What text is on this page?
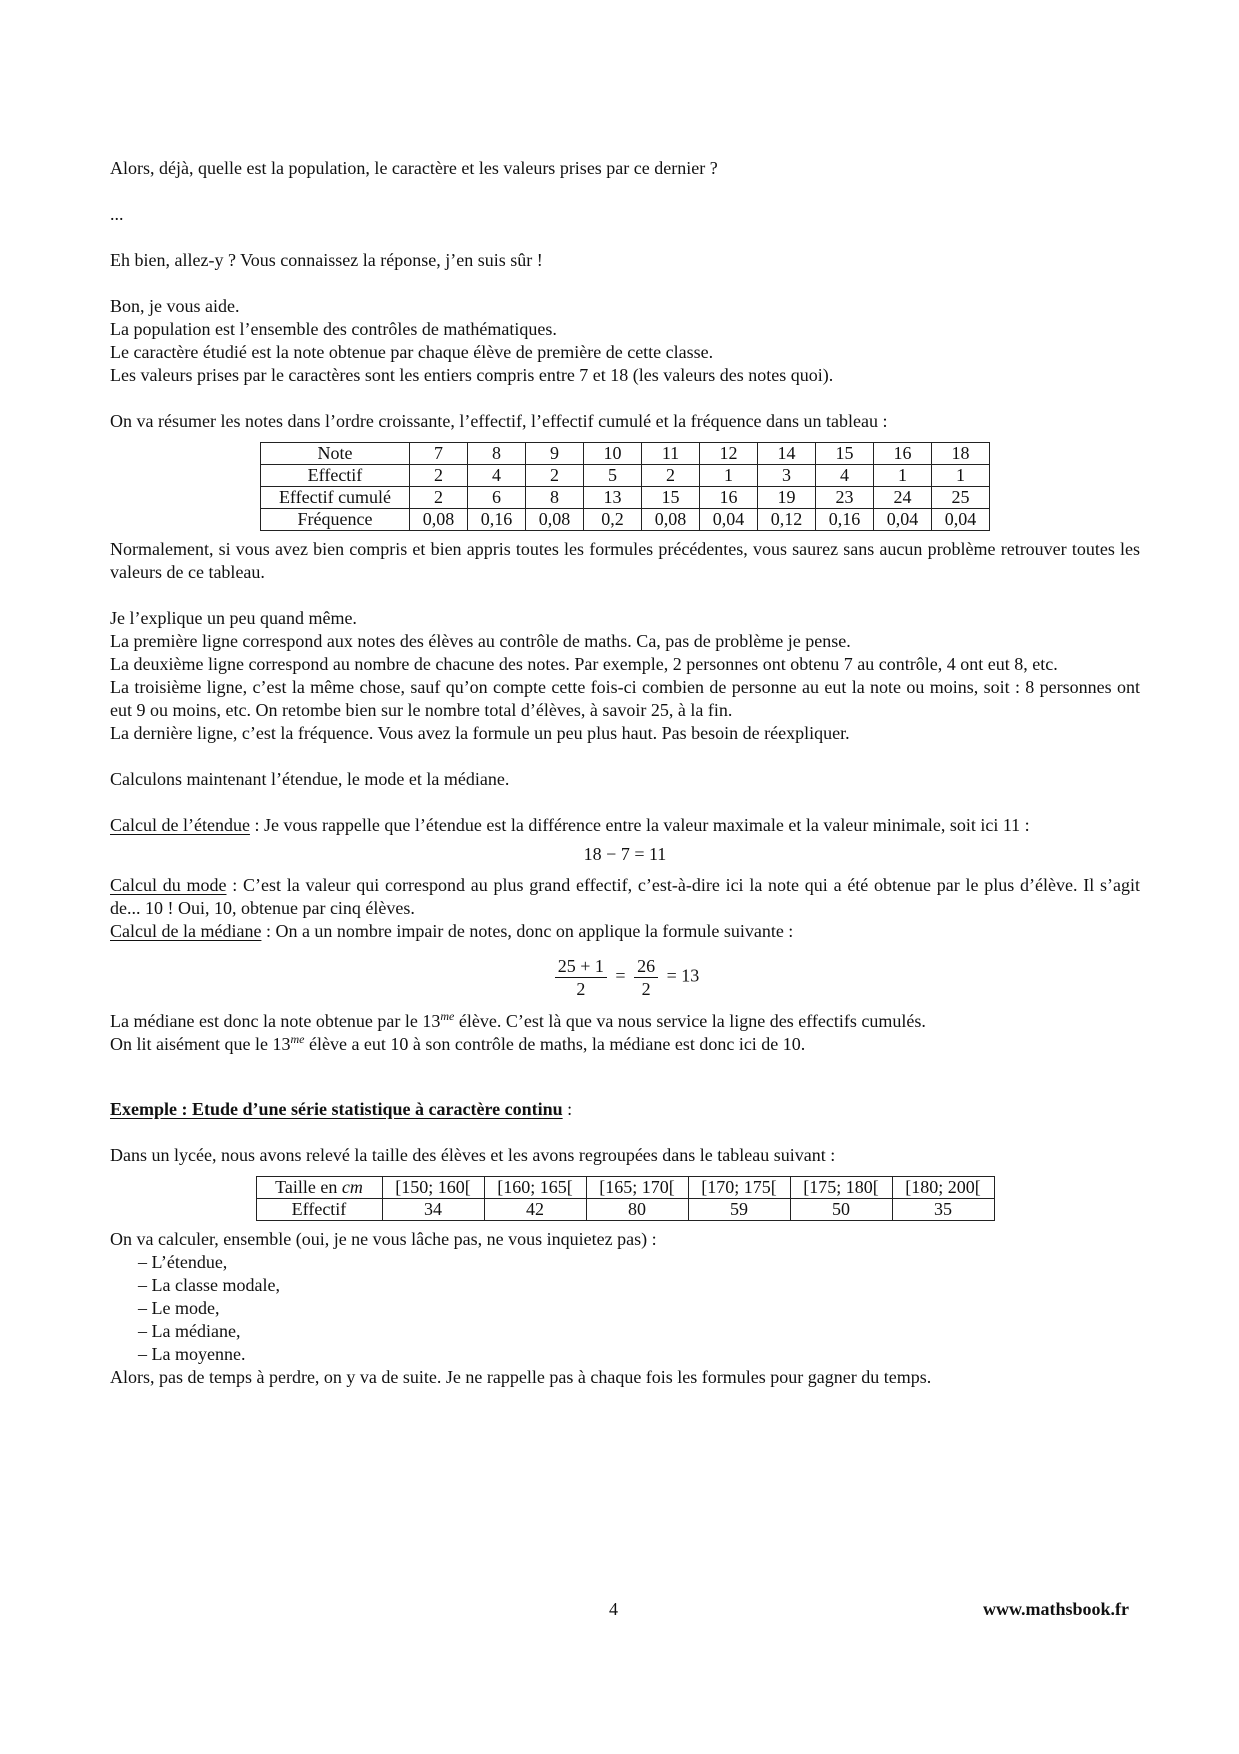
Alors, déjà, quelle est la population, le caractère et les valeurs prises par ce dernier ?

...

Eh bien, allez-y ? Vous connaissez la réponse, j’en suis sûr !

Bon, je vous aide.

La population est l’ensemble des contrôles de mathématiques.

Le caractère étudié est la note obtenue par chaque élève de première de cette classe.

Les valeurs prises par le caractères sont les entiers compris entre 7 et 18 (les valeurs des notes quoi).

On va résumer les notes dans l’ordre croissante, l’effectif, l’effectif cumulé et la fréquence dans un tableau :

Note	7	8	9	10	11	12	14	15	16	18
Effectif	2	4	2	5	2	1	3	4	1	1
Effectif cumulé	2	6	8	13	15	16	19	23	24	25
Fréquence	0,08	0,16	0,08	0,2	0,08	0,04	0,12	0,16	0,04	0,04

Normalement, si vous avez bien compris et bien appris toutes les formules précédentes, vous saurez sans aucun problème retrouver toutes les valeurs de ce tableau.

Je l’explique un peu quand même.

La première ligne correspond aux notes des élèves au contrôle de maths. Ca, pas de problème je pense.

La deuxième ligne correspond au nombre de chacune des notes. Par exemple, 2 personnes ont obtenu 7 au contrôle, 4 ont eut 8, etc.

La troisième ligne, c’est la même chose, sauf qu’on compte cette fois-ci combien de personne au eut la note ou moins, soit : 8 personnes ont eut 9 ou moins, etc. On retombe bien sur le nombre total d’élèves, à savoir 25, à la fin.

La dernière ligne, c’est la fréquence. Vous avez la formule un peu plus haut. Pas besoin de réexpliquer.

Calculons maintenant l’étendue, le mode et la médiane.

Calcul de l’étendue : Je vous rappelle que l’étendue est la différence entre la valeur maximale et la valeur minimale, soit ici 11 :

18 − 7 = 11

Calcul du mode : C’est la valeur qui correspond au plus grand effectif, c’est-à-dire ici la note qui a été obtenue par le plus d’élève. Il s’agit de... 10 ! Oui, 10, obtenue par cinq élèves.

Calcul de la médiane : On a un nombre impair de notes, donc on applique la formule suivante :

$\frac{25 + 1}{2} = \frac{26}{2} = 13$

La médiane est donc la note obtenue par le $13^{me}$ élève. C’est là que va nous service la ligne des effectifs cumulés.

On lit aisément que le $13^{me}$ élève a eut 10 à son contrôle de maths, la médiane est donc ici de 10.

Exemple : Etude d’une série statistique à caractère continu :

Dans un lycée, nous avons relevé la taille des élèves et les avons regroupées dans le tableau suivant :

Taille en cm	[150; 160[	[160; 165[	[165; 170[	[170; 175[	[175; 180[	[180; 200[
Effectif	34	42	80	59	50	35

On va calculer, ensemble (oui, je ne vous lâche pas, ne vous inquietez pas) :

– L’étendue,
– La classe modale,
– Le mode,
– La médiane,
– La moyenne.

Alors, pas de temps à perdre, on y va de suite. Je ne rappelle pas à chaque fois les formules pour gagner du temps.

4	www.mathsbook.fr
